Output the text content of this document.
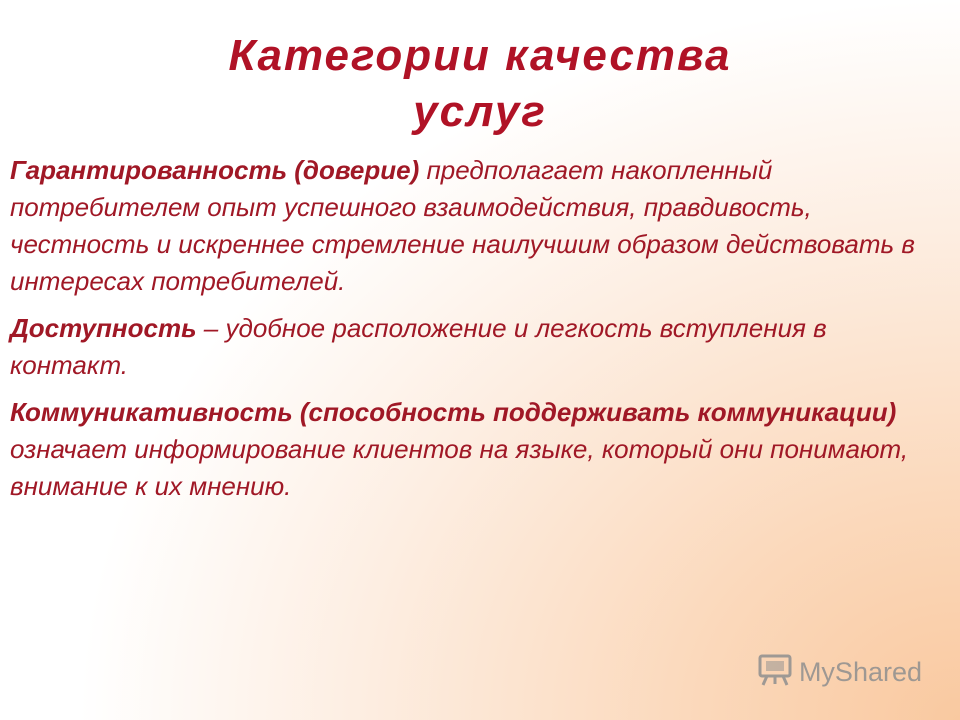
Категории качества
услуг

Гарантированность (доверие) предполагает накопленный потребителем опыт успешного взаимодействия, правдивость, честность и искреннее стремление наилучшим образом действовать в интересах потребителей.

Доступность – удобное расположение и легкость вступления в контакт.

Коммуникативность (способность поддерживать коммуникации) означает информирование клиентов на языке, который они понимают, внимание к их мнению.

MyShared
